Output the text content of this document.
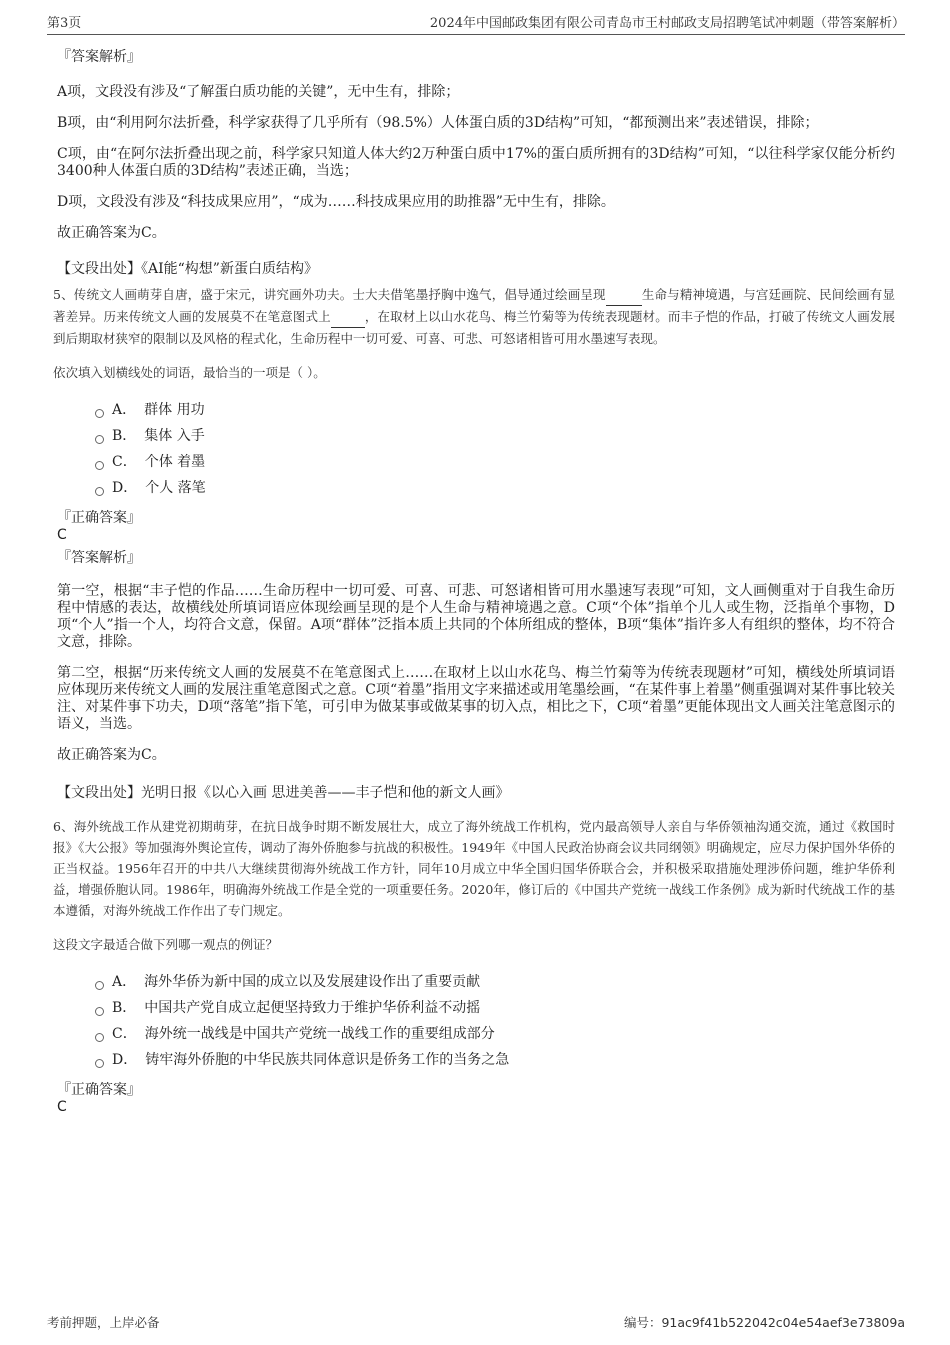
第3页	2024年中国邮政集团有限公司青岛市王村邮政支局招聘笔试冲刺题（带答案解析）
『答案解析』

A项，文段没有涉及“了解蛋白质功能的关键”，无中生有，排除；

B项，由“利用阿尔法折叠，科学家获得了几乎所有（98.5%）人体蛋白质的3D结构”可知，“都预测出来”表述错误，排除；

C项，由“在阿尔法折叠出现之前，科学家只知道人体大约2万种蛋白质中17%的蛋白质所拥有的3D结构”可知，“以往科学家仅能分析约3400种人体蛋白质的3D结构”表述正确，当选；

D项，文段没有涉及“科技成果应用”，“成为……科技成果应用的助推器”无中生有，排除。

故正确答案为C。

【文段出处】《AI能“构想”新蛋白质结构》
5、传统文人画萌芽自唐，盛于宋元，讲究画外功夫。士大夫借笔墨抒胸中逸气，倡导通过绘画呈现	生命与精神境遇，与宫廷画院、民间绘画有显著差异。历来传统文人画的发展莫不在笔意图式上	，在取材上以山水花鸟、梅兰竹菊等为传统表现题材。而丰子恺的作品，打破了传统文人画发展到后期取材狭窄的限制以及风格的程式化，生命历程中一切可爱、可喜、可悲、可怒诸相皆可用水墨速写表现。
依次填入划横线处的词语，最恰当的一项是（ ）。
A． 群体 用功
B． 集体 入手
C． 个体 着墨
D． 个人 落笔
『正确答案』
C
『答案解析』

第一空，根据“丰子恺的作品……生命历程中一切可爱、可喜、可悲、可怒诸相皆可用水墨速写表现”可知，文人画侧重对于自我生命历程中情感的表达，故横线处所填词语应体现绘画呈现的是个人生命与精神境遇之意。C项“个体”指单个儿人或生物，泛指单个事物，D项“个人”指一个人，均符合文意，保留。A项“群体”泛指本质上共同的个体所组成的整体，B项“集体”指许多人有组织的整体，均不符合文意，排除。

第二空，根据“历来传统文人画的发展莫不在笔意图式上……在取材上以山水花鸟、梅兰竹菊等为传统表现题材”可知，横线处所填词语应体现历来传统文人画的发展注重笔意图式之意。C项“着墨”指用文字来描述或用笔墨绘画，“在某件事上着墨”侧重强调对某件事比较关注、对某件事下功夫，D项“落笔”指下笔，可引申为做某事或做某事的切入点，相比之下，C项“着墨”更能体现出文人画关注笔意图示的语义，当选。

故正确答案为C。

【文段出处】光明日报《以心入画 思进美善——丰子恺和他的新文人画》
6、海外统战工作从建党初期萌芽，在抗日战争时期不断发展壮大，成立了海外统战工作机构，党内最高领导人亲自与华侨领袖沟通交流，通过《救国时报》《大公报》等加强海外舆论宣传，调动了海外侨胞参与抗战的积极性。1949年《中国人民政治协商会议共同纲领》明确规定，应尽力保护国外华侨的正当权益。1956年召开的中共八大继续贯彻海外统战工作方针，同年10月成立中华全国归国华侨联合会，并积极采取措施处理涉侨问题，维护华侨利益，增强侨胞认同。1986年，明确海外统战工作是全党的一项重要任务。2020年，修订后的《中国共产党统一战线工作条例》成为新时代统战工作的基本遵循，对海外统战工作作出了专门规定。
这段文字最适合做下列哪一观点的例证？
A． 海外华侨为新中国的成立以及发展建设作出了重要贡献
B． 中国共产党自成立起便坚持致力于维护华侨利益不动摇
C． 海外统一战线是中国共产党统一战线工作的重要组成部分
D． 铸牢海外侨胞的中华民族共同体意识是侨务工作的当务之急
『正确答案』
C
考前押题，上岸必备	编号：91ac9f41b522042c04e54aef3e73809a
